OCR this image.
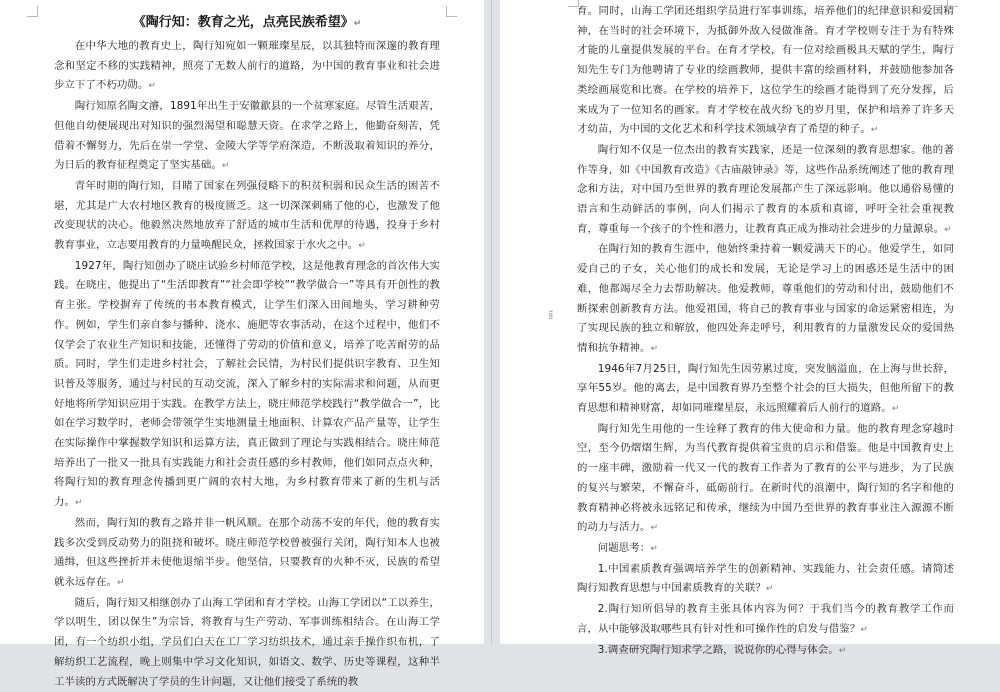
《陶行知：教育之光，点亮民族希望》↵

在中华大地的教育史上，陶行知宛如一颗璀璨星辰，以其独特而深邃的教育理念和坚定不移的实践精神，照亮了无数人前行的道路，为中国的教育事业和社会进步立下了不朽功勋。↵

陶行知原名陶文濬，1891年出生于安徽歙县的一个贫寒家庭。尽管生活艰苦，但他自幼便展现出对知识的强烈渴望和聪慧天资。在求学之路上，他勤奋刻苦，凭借着不懈努力，先后在崇一学堂、金陵大学等学府深造，不断汲取着知识的养分，为日后的教育征程奠定了坚实基础。↵

青年时期的陶行知，目睹了国家在列强侵略下的积贫积弱和民众生活的困苦不堪，尤其是广大农村地区教育的极度匮乏。这一切深深刺痛了他的心，也激发了他改变现状的决心。他毅然决然地放弃了舒适的城市生活和优厚的待遇，投身于乡村教育事业，立志要用教育的力量唤醒民众，拯救国家于水火之中。↵

1927年，陶行知创办了晓庄试验乡村师范学校，这是他教育理念的首次伟大实践。在晓庄，他提出了“生活即教育”“社会即学校”“教学做合一”等具有开创性的教育主张。学校摒弃了传统的书本教育模式，让学生们深入田间地头，学习耕种劳作。例如，学生们亲自参与播种、浇水、施肥等农事活动，在这个过程中，他们不仅学会了农业生产知识和技能，还懂得了劳动的价值和意义，培养了吃苦耐劳的品质。同时，学生们走进乡村社会，了解社会民情，为村民们提供识字教育、卫生知识普及等服务，通过与村民的互动交流，深入了解乡村的实际需求和问题，从而更好地将所学知识应用于实践。在教学方法上，晓庄师范学校践行“教学做合一”，比如在学习数学时，老师会带领学生实地测量土地面积、计算农产品产量等，让学生在实际操作中掌握数学知识和运算方法，真正做到了理论与实践相结合。晓庄师范培养出了一批又一批具有实践能力和社会责任感的乡村教师，他们如同点点火种，将陶行知的教育理念传播到更广阔的农村大地，为乡村教育带来了新的生机与活力。↵

然而，陶行知的教育之路并非一帆风顺。在那个动荡不安的年代，他的教育实践多次受到反动势力的阻挠和破坏。晓庄师范学校曾被强行关闭，陶行知本人也被通缉，但这些挫折并未使他退缩半步。他坚信，只要教育的火种不灭，民族的希望就永远存在。↵

随后，陶行知又相继创办了山海工学团和育才学校。山海工学团以“工以养生，学以明生，团以保生”为宗旨，将教育与生产劳动、军事训练相结合。在山海工学团，有一个纺织小组，学员们白天在工厂学习纺织技术，通过亲手操作织布机，了解纺织工艺流程，晚上则集中学习文化知识，如语文、数学、历史等课程，这种半工半读的方式既解决了学员的生计问题，又让他们接受了系统的教

育。同时，山海工学团还组织学员进行军事训练，培养他们的纪律意识和爱国精神，在当时的社会环境下，为抵御外敌入侵做准备。育才学校则专注于为有特殊才能的儿童提供发展的平台。在育才学校，有一位对绘画极具天赋的学生，陶行知先生专门为他聘请了专业的绘画教师，提供丰富的绘画材料，并鼓励他参加各类绘画展览和比赛。在学校的培养下，这位学生的绘画才能得到了充分发挥，后来成为了一位知名的画家。育才学校在战火纷飞的岁月里，保护和培养了许多天才幼苗，为中国的文化艺术和科学技术领域孕育了希望的种子。↵

陶行知不仅是一位杰出的教育实践家，还是一位深刻的教育思想家。他的著作等身，如《中国教育改造》《古庙敲钟录》等，这些作品系统阐述了他的教育理念和方法，对中国乃至世界的教育理论发展都产生了深远影响。他以通俗易懂的语言和生动鲜活的事例，向人们揭示了教育的本质和真谛，呼吁全社会重视教育，尊重每一个孩子的个性和潜力，让教育真正成为推动社会进步的力量源泉。↵

在陶行知的教育生涯中，他始终秉持着一颗爱满天下的心。他爱学生，如同爱自己的子女，关心他们的成长和发展，无论是学习上的困惑还是生活中的困难，他都竭尽全力去帮助解决。他爱教师，尊重他们的劳动和付出，鼓励他们不断探索创新教育方法。他爱祖国，将自己的教育事业与国家的命运紧密相连，为了实现民族的独立和解放，他四处奔走呼号，利用教育的力量激发民众的爱国热情和抗争精神。↵

1946年7月25日，陶行知先生因劳累过度，突发脑溢血，在上海与世长辞，享年55岁。他的离去，是中国教育界乃至整个社会的巨大损失，但他所留下的教育思想和精神财富，却如同璀璨星辰，永远照耀着后人前行的道路。↵

陶行知先生用他的一生诠释了教育的伟大使命和力量。他的教育理念穿越时空，至今仍熠熠生辉，为当代教育提供着宝贵的启示和借鉴。他是中国教育史上的一座丰碑，激励着一代又一代的教育工作者为了教育的公平与进步，为了民族的复兴与繁荣，不懈奋斗，砥砺前行。在新时代的浪潮中，陶行知的名字和他的教育精神必将被永远铭记和传承，继续为中国乃至世界的教育事业注入源源不断的动力与活力。↵

问题思考：↵

1.中国素质教育强调培养学生的创新精神、实践能力、社会责任感。请简述陶行知教育思想与中国素质教育的关联？↵

2.陶行知所倡导的教育主张具体内容为何？于我们当今的教育教学工作而言，从中能够汲取哪些具有针对性和可操作性的启发与借鉴？↵

3.调查研究陶行知求学之路，说说你的心得与体会。↵

⁞⁞
